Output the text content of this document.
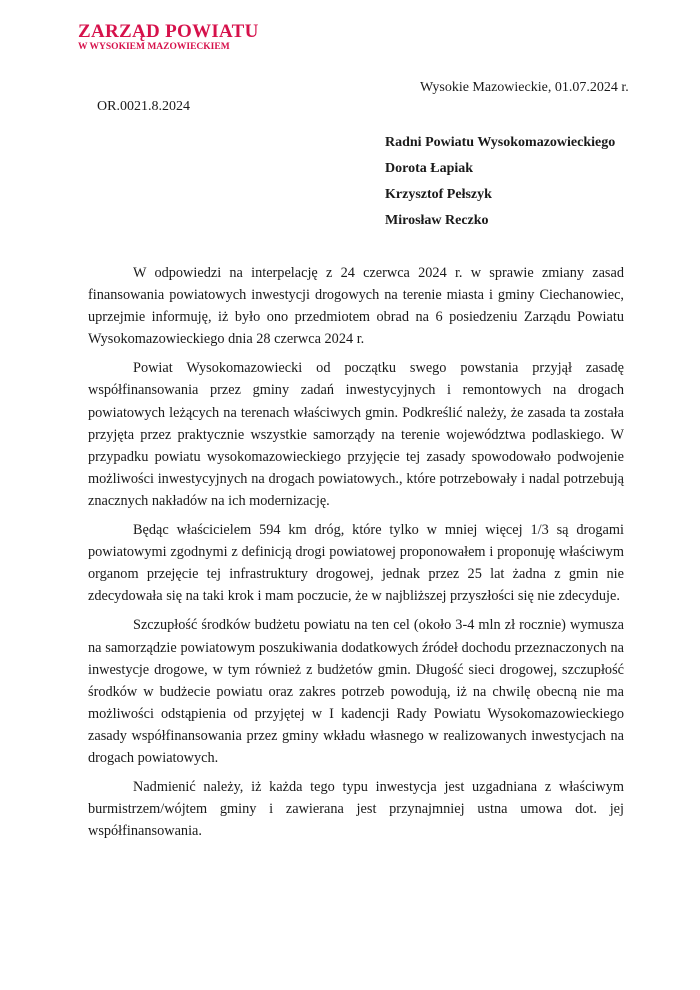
ZARZĄD POWIATU
W WYSOKIEM MAZOWIECKIEM
Wysokie Mazowieckie, 01.07.2024 r.
OR.0021.8.2024
Radni Powiatu Wysokomazowieckiego
Dorota Łapiak
Krzysztof Pełszyk
Mirosław Reczko

W odpowiedzi na interpelację z 24 czerwca 2024 r. w sprawie zmiany zasad finansowania powiatowych inwestycji drogowych na terenie miasta i gminy Ciechanowiec, uprzejmie informuję, iż było ono przedmiotem obrad na 6 posiedzeniu Zarządu Powiatu Wysokomazowieckiego dnia 28 czerwca 2024 r.

Powiat Wysokomazowiecki od początku swego powstania przyjął zasadę współfinansowania przez gminy zadań inwestycyjnych i remontowych na drogach powiatowych leżących na terenach właściwych gmin. Podkreślić należy, że zasada ta została przyjęta przez praktycznie wszystkie samorządy na terenie województwa podlaskiego. W przypadku powiatu wysokomazowieckiego przyjęcie tej zasady spowodowało podwojenie możliwości inwestycyjnych na drogach powiatowych., które potrzebowały i nadal potrzebują znacznych nakładów na ich modernizację.

Będąc właścicielem 594 km dróg, które tylko w mniej więcej 1/3 są drogami powiatowymi zgodnymi z definicją drogi powiatowej proponowałem i proponuję właściwym organom przejęcie tej infrastruktury drogowej, jednak przez 25 lat żadna z gmin nie zdecydowała się na taki krok i mam poczucie, że w najbliższej przyszłości się nie zdecyduje.

Szczupłość środków budżetu powiatu na ten cel (około 3-4 mln zł rocznie) wymusza na samorządzie powiatowym poszukiwania dodatkowych źródeł dochodu przeznaczonych na inwestycje drogowe, w tym również z budżetów gmin. Długość sieci drogowej, szczupłość środków w budżecie powiatu oraz zakres potrzeb powodują, iż na chwilę obecną nie ma możliwości odstąpienia od przyjętej w I kadencji Rady Powiatu Wysokomazowieckiego zasady współfinansowania przez gminy wkładu własnego w realizowanych inwestycjach na drogach powiatowych.

Nadmienić należy, iż każda tego typu inwestycja jest uzgadniana z właściwym burmistrzem/wójtem gminy i zawierana jest przynajmniej ustna umowa dot. jej współfinansowania.
